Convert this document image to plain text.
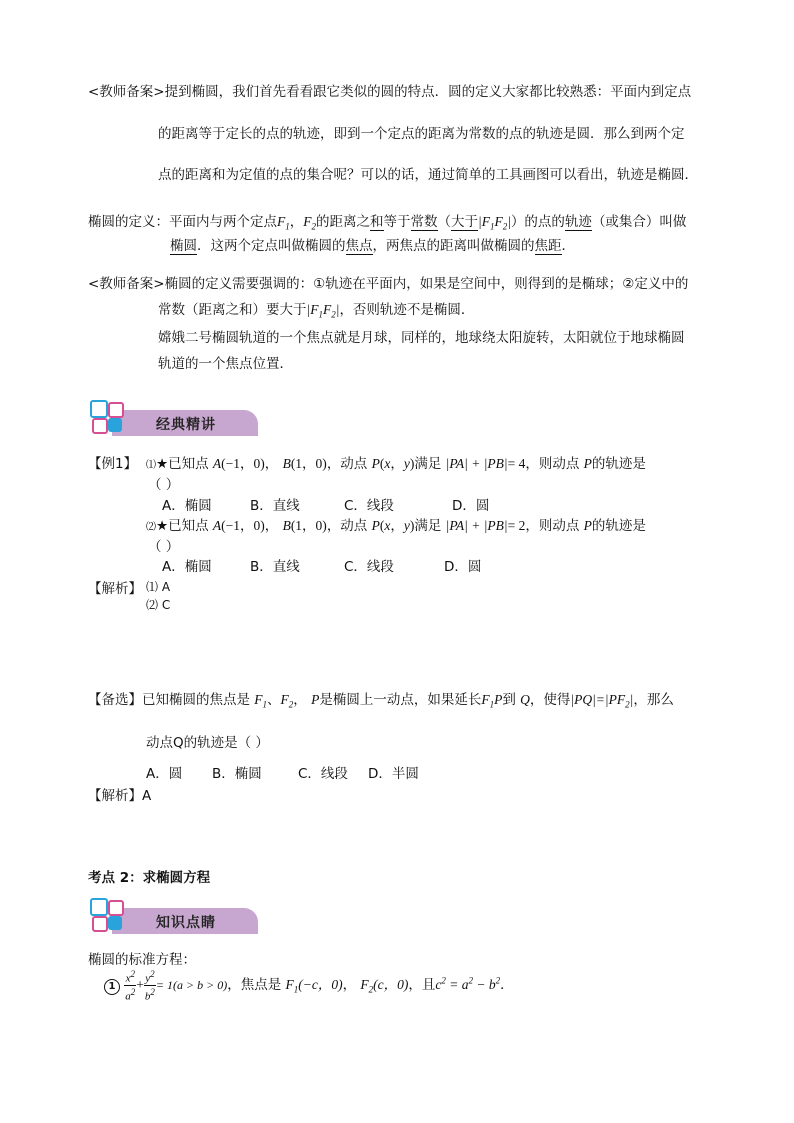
<教师备案>提到椭圆，我们首先看看跟它类似的圆的特点．圆的定义大家都比较熟悉：平面内到定点
的距离等于定长的点的轨迹，即到一个定点的距离为常数的点的轨迹是圆．那么到两个定
点的距离和为定值的点的集合呢？可以的话，通过简单的工具画图可以看出，轨迹是椭圆．
椭圆的定义：平面内与两个定点$F_1$，$F_2$的距离之和等于常数（大于$|F_1F_2|$）的点的轨迹（或集合）叫做
椭圆．这两个定点叫做椭圆的焦点，两焦点的距离叫做椭圆的焦距．
<教师备案>椭圆的定义需要强调的：①轨迹在平面内，如果是空间中，则得到的是椭球；②定义中的
常数（距离之和）要大于$|F_1F_2|$，否则轨迹不是椭圆．
嫦娥二号椭圆轨道的一个焦点就是月球，同样的，地球绕太阳旋转，太阳就位于地球椭圆
轨道的一个焦点位置．
经典精讲
【例1】 ⑴★已知点 A(−1，0)， B(1，0)，动点 P(x，y)满足 |PA| + |PB|= 4，则动点 P的轨迹是
（ ）
A．椭圆	B．直线	C．线段	D．圆
⑵★已知点 A(−1，0)， B(1，0)，动点 P(x，y)满足 |PA| + |PB|= 2，则动点 P的轨迹是
（ ）
A．椭圆	B．直线	C．线段	D．圆
【解析】 ⑴ A
⑵ C
【备选】已知椭圆的焦点是 $F_1$、$F_2$， P是椭圆上一动点，如果延长$F_1P$到 Q，使得$|PQ|=|PF_2|$，那么
动点Q的轨迹是（ ）
A．圆 B．椭圆	C．线段 D．半圆
【解析】A
考点 2：求椭圆方程
知识点睛
椭圆的标准方程：
$1 \frac{x^2}{a^2} + \frac{y^2}{b^2} = 1(a > b > 0)$，焦点是 $F_1(-c$，0)， $F_2(c$，0)，且$c^2 = a^2 - b^2$．
